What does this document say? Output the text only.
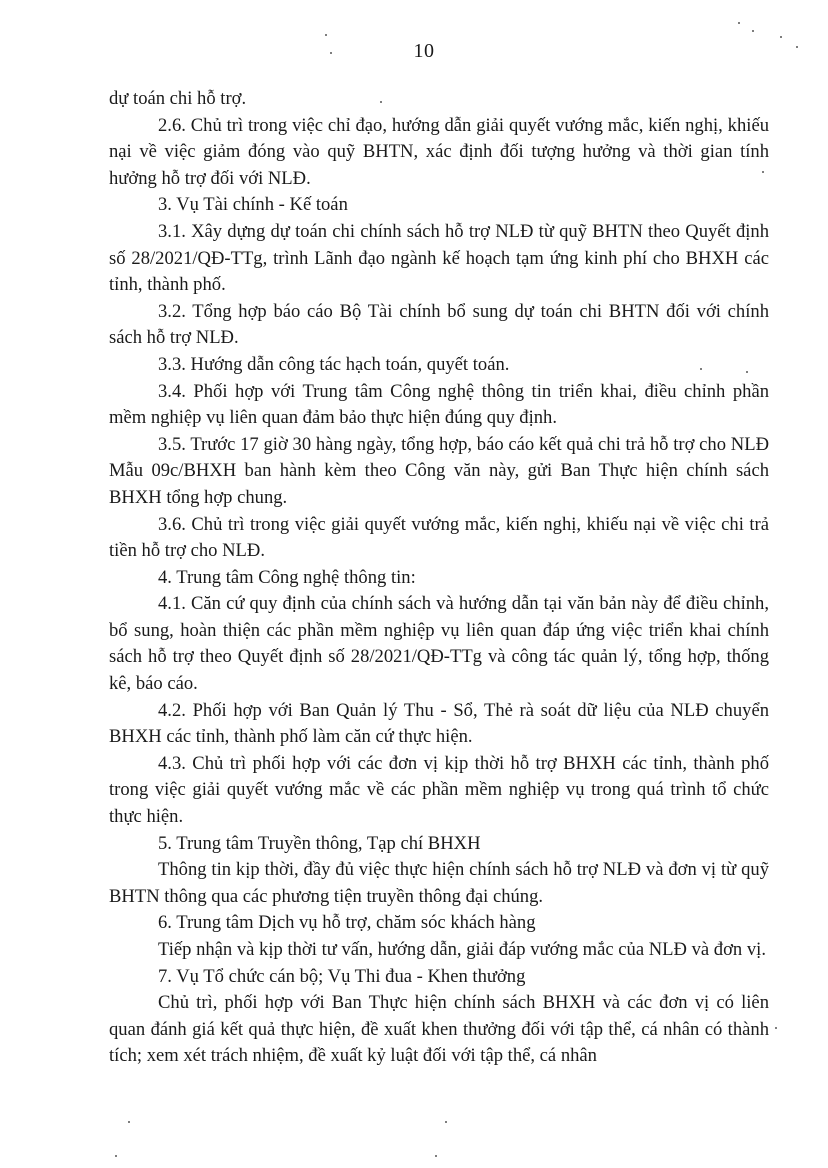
10

dự toán chi hỗ trợ.

2.6. Chủ trì trong việc chỉ đạo, hướng dẫn giải quyết vướng mắc, kiến nghị, khiếu nại về việc giảm đóng vào quỹ BHTN, xác định đối tượng hưởng và thời gian tính hưởng hỗ trợ đối với NLĐ.

3. Vụ Tài chính - Kế toán

3.1. Xây dựng dự toán chi chính sách hỗ trợ NLĐ từ quỹ BHTN theo Quyết định số 28/2021/QĐ-TTg, trình Lãnh đạo ngành kế hoạch tạm ứng kinh phí cho BHXH các tỉnh, thành phố.

3.2. Tổng hợp báo cáo Bộ Tài chính bổ sung dự toán chi BHTN đối với chính sách hỗ trợ NLĐ.

3.3. Hướng dẫn công tác hạch toán, quyết toán.

3.4. Phối hợp với Trung tâm Công nghệ thông tin triển khai, điều chỉnh phần mềm nghiệp vụ liên quan đảm bảo thực hiện đúng quy định.

3.5. Trước 17 giờ 30 hàng ngày, tổng hợp, báo cáo kết quả chi trả hỗ trợ cho NLĐ Mẫu 09c/BHXH ban hành kèm theo Công văn này, gửi Ban Thực hiện chính sách BHXH tổng hợp chung.

3.6. Chủ trì trong việc giải quyết vướng mắc, kiến nghị, khiếu nại về việc chi trả tiền hỗ trợ cho NLĐ.

4. Trung tâm Công nghệ thông tin:

4.1. Căn cứ quy định của chính sách và hướng dẫn tại văn bản này để điều chỉnh, bổ sung, hoàn thiện các phần mềm nghiệp vụ liên quan đáp ứng việc triển khai chính sách hỗ trợ theo Quyết định số 28/2021/QĐ-TTg và công tác quản lý, tổng hợp, thống kê, báo cáo.

4.2. Phối hợp với Ban Quản lý Thu - Sổ, Thẻ rà soát dữ liệu của NLĐ chuyển BHXH các tỉnh, thành phố làm căn cứ thực hiện.

4.3. Chủ trì phối hợp với các đơn vị kịp thời hỗ trợ BHXH các tỉnh, thành phố trong việc giải quyết vướng mắc về các phần mềm nghiệp vụ trong quá trình tổ chức thực hiện.

5. Trung tâm Truyền thông, Tạp chí BHXH

Thông tin kịp thời, đầy đủ việc thực hiện chính sách hỗ trợ NLĐ và đơn vị từ quỹ BHTN thông qua các phương tiện truyền thông đại chúng.

6. Trung tâm Dịch vụ hỗ trợ, chăm sóc khách hàng

Tiếp nhận và kịp thời tư vấn, hướng dẫn, giải đáp vướng mắc của NLĐ và đơn vị.

7. Vụ Tổ chức cán bộ; Vụ Thi đua - Khen thưởng

Chủ trì, phối hợp với Ban Thực hiện chính sách BHXH và các đơn vị có liên quan đánh giá kết quả thực hiện, đề xuất khen thưởng đối với tập thể, cá nhân có thành tích; xem xét trách nhiệm, đề xuất kỷ luật đối với tập thể, cá nhân
